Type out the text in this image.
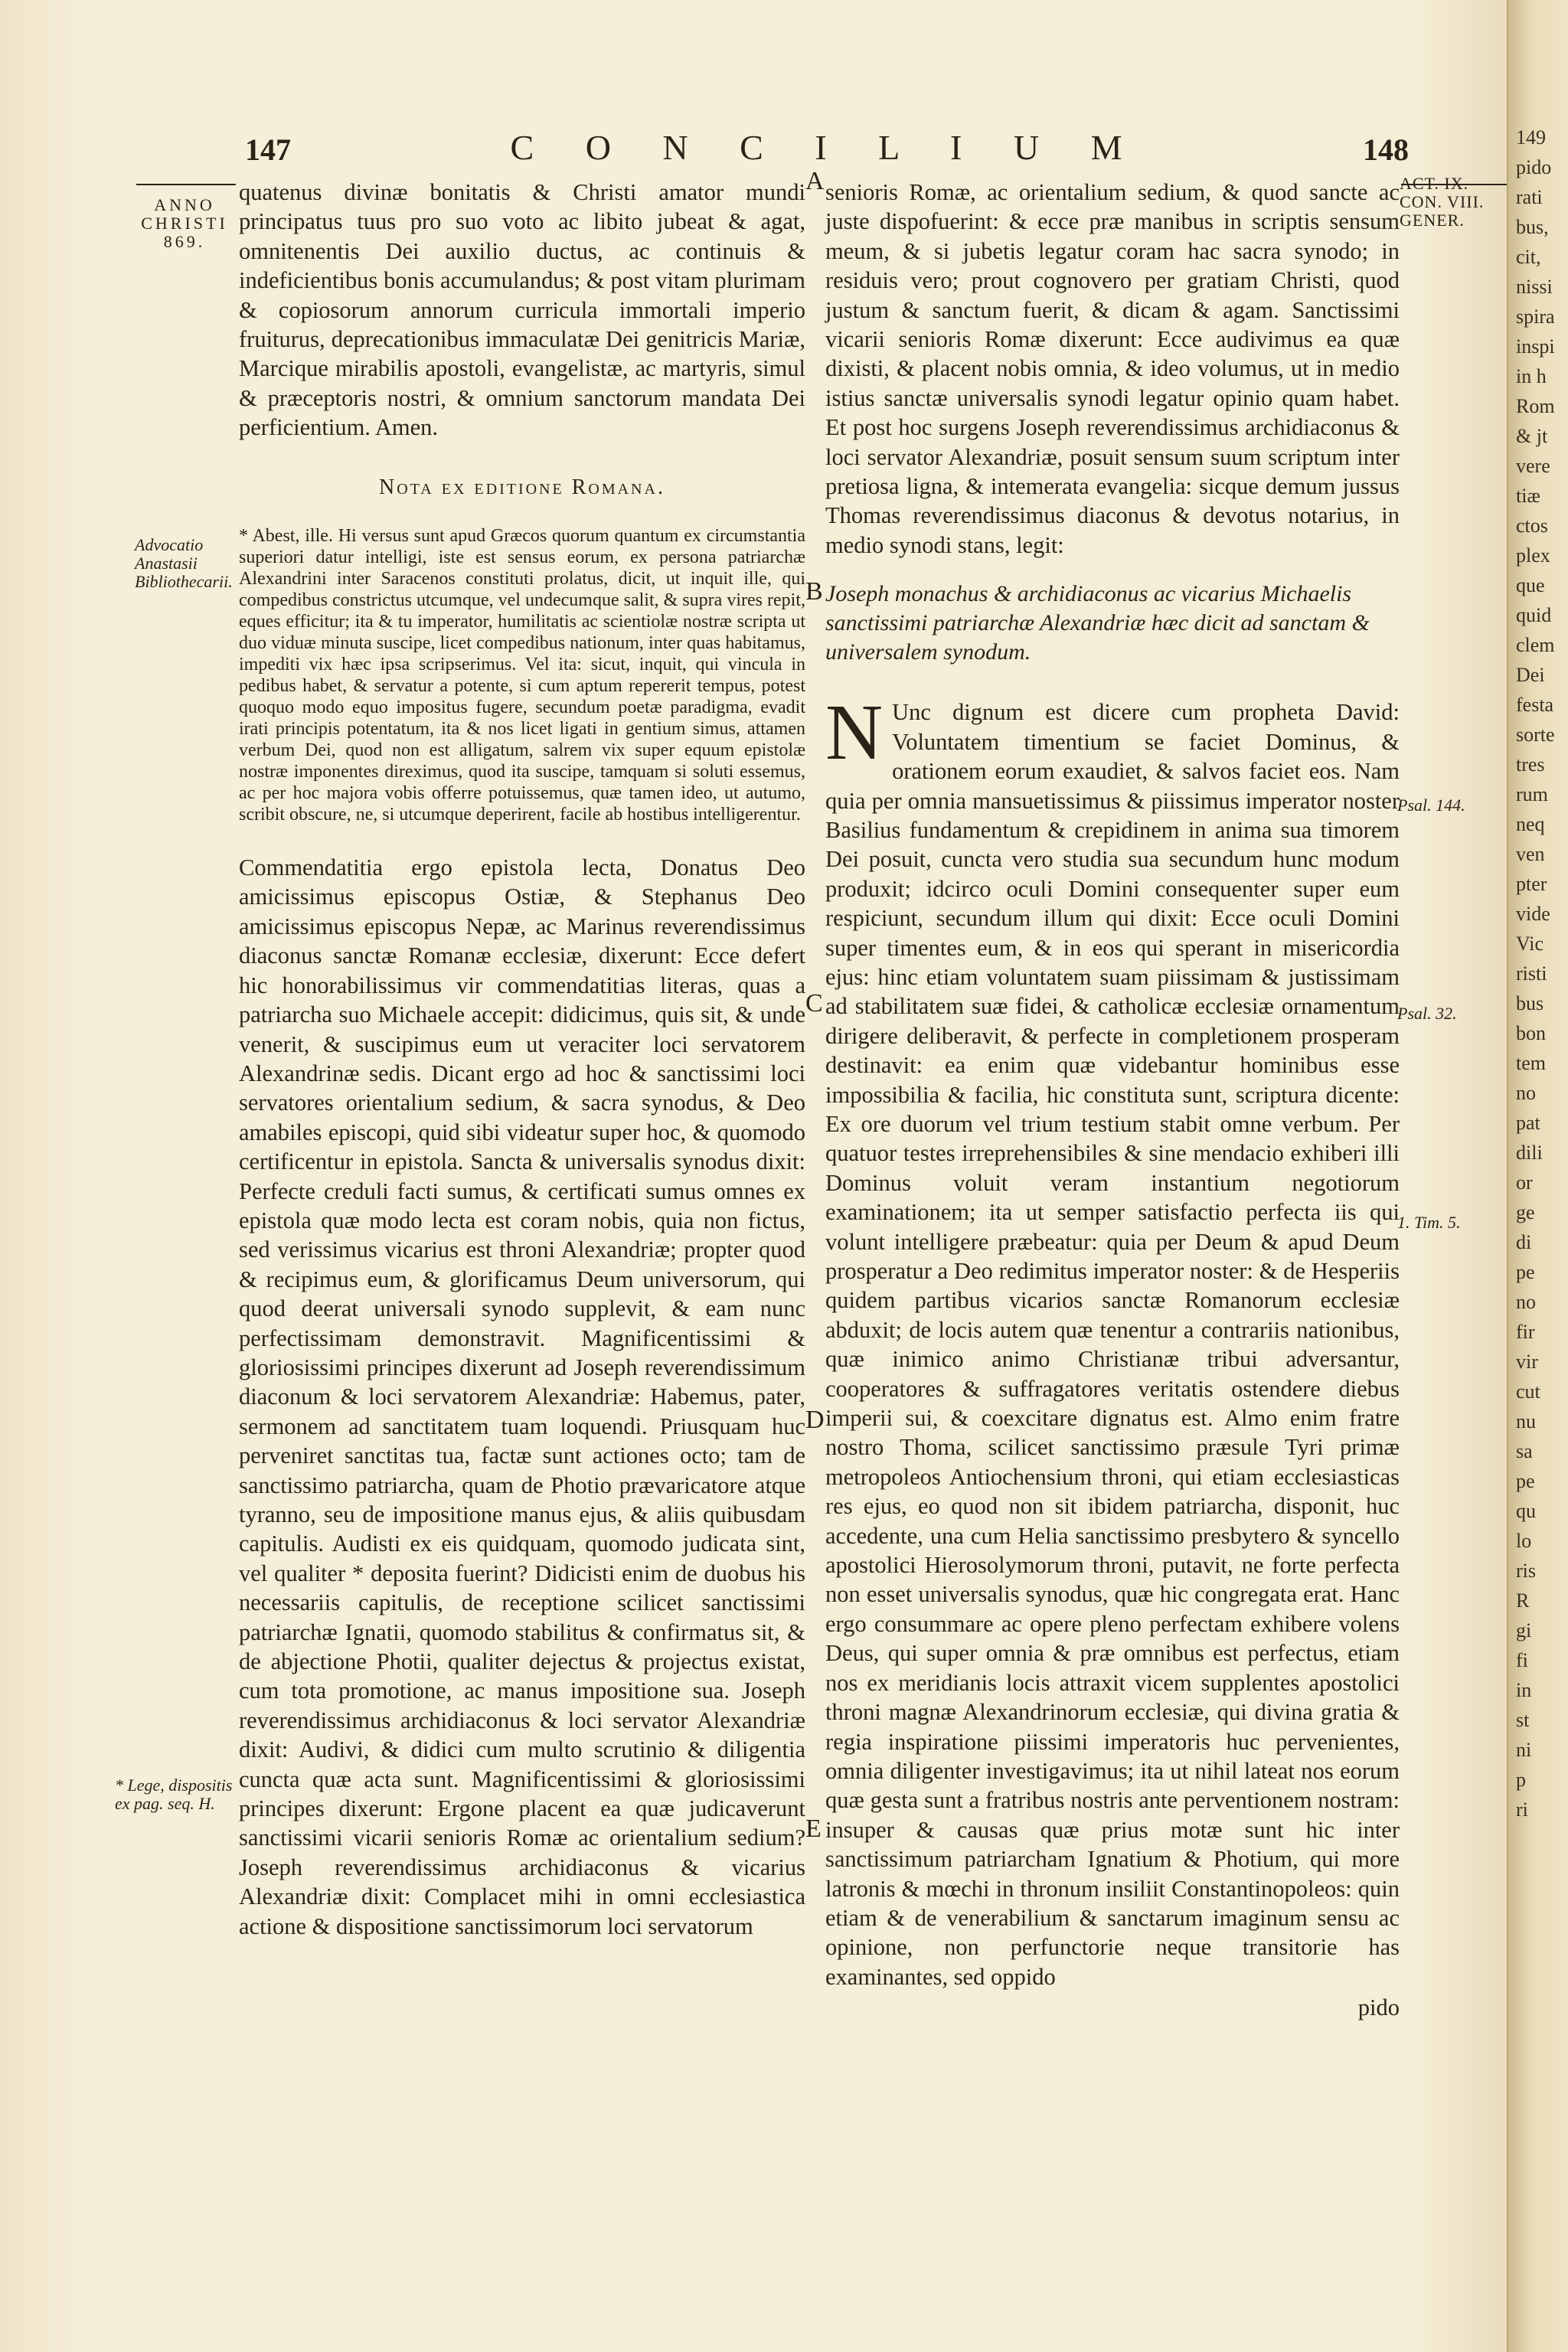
147	C O N C I L I U M	148
ANNO CHRISTI 869.
Advocatio Anastasii Bibliothecarii.
* Lege, dispositis ex pag. seq. H.
ACT. IX. CON. VIII. GENER.
Psal. 144.
Psal. 32.
1. Tim. 5.
A
B
C
D
E

quatenus divinæ bonitatis & Christi amator mundi principatus tuus pro suo voto ac libito jubeat & agat, omnitenentis Dei auxilio ductus, ac continuis & indeficientibus bonis accumulandus; & post vitam plurimam & copiosorum annorum curricula immortali imperio fruiturus, deprecationibus immaculatæ Dei genitricis Mariæ, Marcique mirabilis apostoli, evangelistæ, ac martyris, simul & præceptoris nostri, & omnium sanctorum mandata Dei perficientium. Amen.

Nota ex editione Romana.

* Abest, ille. Hi versus sunt apud Græcos quorum quantum ex circumstantia superiori datur intelligi, iste est sensus eorum, ex persona patriarchæ Alexandrini inter Saracenos constituti prolatus, dicit, ut inquit ille, qui compedibus constrictus utcumque, vel undecumque salit, & supra vires repit, eques efficitur; ita & tu imperator, humilitatis ac scientiolæ nostræ scripta ut duo viduæ minuta suscipe, licet compedibus nationum, inter quas habitamus, impediti vix hæc ipsa scripserimus. Vel ita: sicut, inquit, qui vincula in pedibus habet, & servatur a potente, si cum aptum repererit tempus, potest quoquo modo equo impositus fugere, secundum poetæ paradigma, evadit irati principis potentatum, ita & nos licet ligati in gentium simus, attamen verbum Dei, quod non est alligatum, salrem vix super equum epistolæ nostræ imponentes direximus, quod ita suscipe, tamquam si soluti essemus, ac per hoc majora vobis offerre potuissemus, quæ tamen ideo, ut autumo, scribit obscure, ne, si utcumque deperirent, facile ab hostibus intelligerentur.

Commendatitia ergo epistola lecta, Donatus Deo amicissimus episcopus Ostiæ, & Stephanus Deo amicissimus episcopus Nepæ, ac Marinus reverendissimus diaconus sanctæ Romanæ ecclesiæ, dixerunt: Ecce defert hic honorabilissimus vir commendatitias literas, quas a patriarcha suo Michaele accepit: didicimus, quis sit, & unde venerit, & suscipimus eum ut veraciter loci servatorem Alexandrinæ sedis. Dicant ergo ad hoc & sanctissimi loci servatores orientalium sedium, & sacra synodus, & Deo amabiles episcopi, quid sibi videatur super hoc, & quomodo certificentur in epistola. Sancta & universalis synodus dixit: Perfecte creduli facti sumus, & certificati sumus omnes ex epistola quæ modo lecta est coram nobis, quia non fictus, sed verissimus vicarius est throni Alexandriæ; propter quod & recipimus eum, & glorificamus Deum universorum, qui quod deerat universali synodo supplevit, & eam nunc perfectissimam demonstravit. Magnificentissimi & gloriosissimi principes dixerunt ad Joseph reverendissimum diaconum & loci servatorem Alexandriæ: Habemus, pater, sermonem ad sanctitatem tuam loquendi. Priusquam huc perveniret sanctitas tua, factæ sunt actiones octo; tam de sanctissimo patriarcha, quam de Photio prævaricatore atque tyranno, seu de impositione manus ejus, & aliis quibusdam capitulis. Audisti ex eis quidquam, quomodo judicata sint, vel qualiter * deposita fuerint? Didicisti enim de duobus his necessariis capitulis, de receptione scilicet sanctissimi patriarchæ Ignatii, quomodo stabilitus & confirmatus sit, & de abjectione Photii, qualiter dejectus & projectus existat, cum tota promotione, ac manus impositione sua. Joseph reverendissimus archidiaconus & loci servator Alexandriæ dixit: Audivi, & didici cum multo scrutinio & diligentia cuncta quæ acta sunt. Magnificentissimi & gloriosissimi principes dixerunt: Ergone placent ea quæ judicaverunt sanctissimi vicarii senioris Romæ ac orientalium sedium? Joseph reverendissimus archidiaconus & vicarius Alexandriæ dixit: Complacet mihi in omni ecclesiastica actione & dispositione sanctissimorum loci servatorum

senioris Romæ, ac orientalium sedium, & quod sancte ac juste dispofuerint: & ecce præ manibus in scriptis sensum meum, & si jubetis legatur coram hac sacra synodo; in residuis vero; prout cognovero per gratiam Christi, quod justum & sanctum fuerit, & dicam & agam. Sanctissimi vicarii senioris Romæ dixerunt: Ecce audivimus ea quæ dixisti, & placent nobis omnia, & ideo volumus, ut in medio istius sanctæ universalis synodi legatur opinio quam habet. Et post hoc surgens Joseph reverendissimus archidiaconus & loci servator Alexandriæ, posuit sensum suum scriptum inter pretiosa ligna, & intemerata evangelia: sicque demum jussus Thomas reverendissimus diaconus & devotus notarius, in medio synodi stans, legit:

Joseph monachus & archidiaconus ac vicarius Michaelis sanctissimi patriarchæ Alexandriæ hæc dicit ad sanctam & universalem synodum.

N Unc dignum est dicere cum propheta David: Voluntatem timentium se faciet Dominus, & orationem eorum exaudiet, & salvos faciet eos. Nam quia per omnia mansuetissimus & piissimus imperator noster Basilius fundamentum & crepidinem in anima sua timorem Dei posuit, cuncta vero studia sua secundum hunc modum produxit; idcirco oculi Domini consequenter super eum respiciunt, secundum illum qui dixit: Ecce oculi Domini super timentes eum, & in eos qui sperant in misericordia ejus: hinc etiam voluntatem suam piissimam & justissimam ad stabilitatem suæ fidei, & catholicæ ecclesiæ ornamentum dirigere deliberavit, & perfecte in completionem prosperam destinavit: ea enim quæ videbantur hominibus esse impossibilia & facilia, hic constituta sunt, scriptura dicente: Ex ore duorum vel trium testium stabit omne verbum. Per quatuor testes irreprehensibiles & sine mendacio exhiberi illi Dominus voluit veram instantium negotiorum examinationem; ita ut semper satisfactio perfecta iis qui volunt intelligere præbeatur: quia per Deum & apud Deum prosperatur a Deo redimitus imperator noster: & de Hesperiis quidem partibus vicarios sanctæ Romanorum ecclesiæ abduxit; de locis autem quæ tenentur a contrariis nationibus, quæ inimico animo Christianæ tribui adversantur, cooperatores & suffragatores veritatis ostendere diebus imperii sui, & coexcitare dignatus est. Almo enim fratre nostro Thoma, scilicet sanctissimo præsule Tyri primæ metropoleos Antiochensium throni, qui etiam ecclesiasticas res ejus, eo quod non sit ibidem patriarcha, disponit, huc accedente, una cum Helia sanctissimo presbytero & syncello apostolici Hierosolymorum throni, putavit, ne forte perfecta non esset universalis synodus, quæ hic congregata erat. Hanc ergo consummare ac opere pleno perfectam exhibere volens Deus, qui super omnia & præ omnibus est perfectus, etiam nos ex meridianis locis attraxit vicem supplentes apostolici throni magnæ Alexandrinorum ecclesiæ, qui divina gratia & regia inspiratione piissimi imperatoris huc pervenientes, omnia diligenter investigavimus; ita ut nihil lateat nos eorum quæ gesta sunt a fratribus nostris ante perventionem nostram: insuper & causas quæ prius motæ sunt hic inter sanctissimum patriarcham Ignatium & Photium, qui more latronis & mœchi in thronum insiliit Constantinopoleos: quin etiam & de venerabilium & sanctarum imaginum sensu ac opinione, non perfunctorie neque transitorie has examinantes, sed oppido

pido
149
pido
rati
bus,
cit,
nissi
spira
inspi
in h
Rom
& jt
vere
tiæ
ctos
plex
que
quid
clem
Dei
festa
sorte
tres
rum
neq
ven
pter
vide
Vic
risti
bus
bon
tem
no
pat
dili
or
ge
di
pe
no
fir
vir
cut
nu
sa
pe
qu
lo
ris
R
gi
fi
in
st
ni
p
ri
